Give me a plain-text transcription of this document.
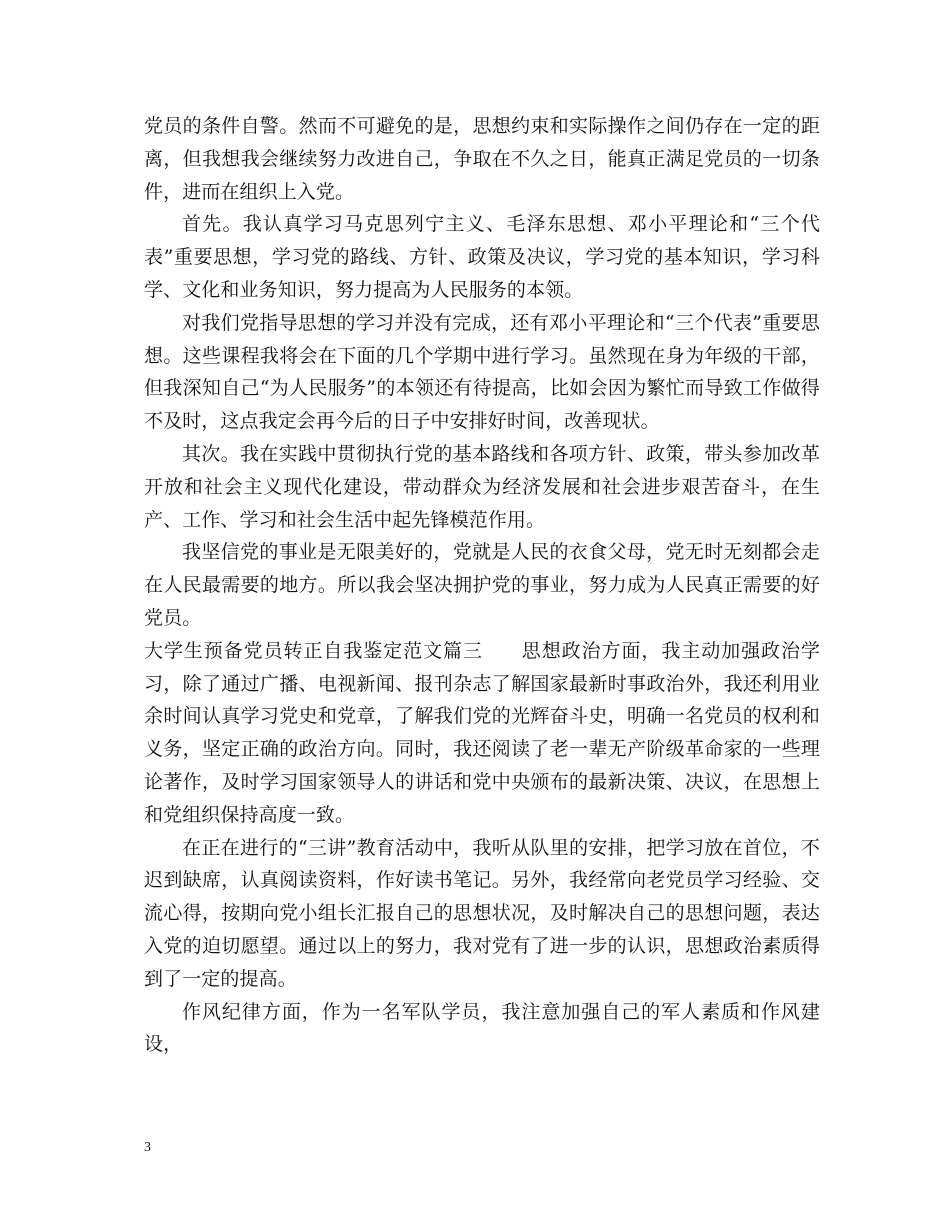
党员的条件自警。然而不可避免的是，思想约束和实际操作之间仍存在一定的距离，但我想我会继续努力改进自己，争取在不久之日，能真正满足党员的一切条件，进而在组织上入党。

首先。我认真学习马克思列宁主义、毛泽东思想、邓小平理论和“三个代表”重要思想，学习党的路线、方针、政策及决议，学习党的基本知识，学习科学、文化和业务知识，努力提高为人民服务的本领。

对我们党指导思想的学习并没有完成，还有邓小平理论和“三个代表”重要思想。这些课程我将会在下面的几个学期中进行学习。虽然现在身为年级的干部，但我深知自己“为人民服务”的本领还有待提高，比如会因为繁忙而导致工作做得不及时，这点我定会再今后的日子中安排好时间，改善现状。

其次。我在实践中贯彻执行党的基本路线和各项方针、政策，带头参加改革开放和社会主义现代化建设，带动群众为经济发展和社会进步艰苦奋斗，在生产、工作、学习和社会生活中起先锋模范作用。

我坚信党的事业是无限美好的，党就是人民的衣食父母，党无时无刻都会走在人民最需要的地方。所以我会坚决拥护党的事业，努力成为人民真正需要的好党员。

大学生预备党员转正自我鉴定范文篇三 思想政治方面，我主动加强政治学习，除了通过广播、电视新闻、报刊杂志了解国家最新时事政治外，我还利用业余时间认真学习党史和党章，了解我们党的光辉奋斗史，明确一名党员的权利和义务，坚定正确的政治方向。同时，我还阅读了老一辈无产阶级革命家的一些理论著作，及时学习国家领导人的讲话和党中央颁布的最新决策、决议，在思想上和党组织保持高度一致。

在正在进行的“三讲”教育活动中，我听从队里的安排，把学习放在首位，不迟到缺席，认真阅读资料，作好读书笔记。另外，我经常向老党员学习经验、交流心得，按期向党小组长汇报自己的思想状况，及时解决自己的思想问题，表达入党的迫切愿望。通过以上的努力，我对党有了进一步的认识，思想政治素质得到了一定的提高。

作风纪律方面，作为一名军队学员，我注意加强自己的军人素质和作风建设，

3
